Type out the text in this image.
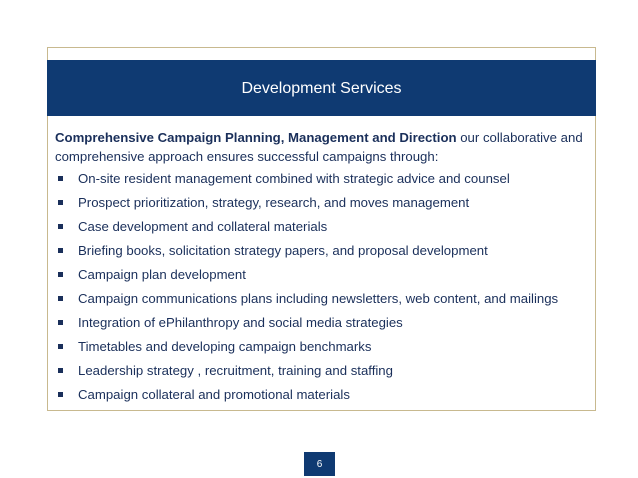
Development Services

Comprehensive Campaign Planning, Management and Direction our collaborative and comprehensive approach ensures successful campaigns through:

On-site resident management combined with strategic advice and counsel
Prospect prioritization, strategy, research, and moves management
Case development and collateral materials
Briefing books, solicitation strategy papers, and proposal development
Campaign plan development
Campaign communications plans including newsletters, web content, and mailings
Integration of ePhilanthropy and social media strategies
Timetables and developing campaign benchmarks
Leadership strategy , recruitment, training and staffing
Campaign collateral and promotional materials
6
